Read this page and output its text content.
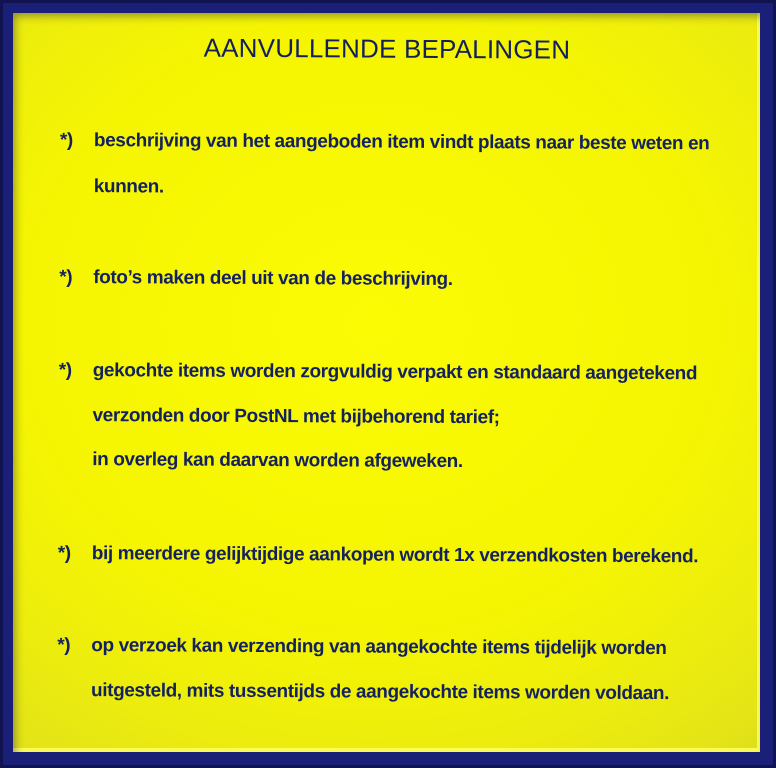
AANVULLENDE BEPALINGEN
*) beschrijving van het aangeboden item vindt plaats naar beste weten en
kunnen.
*) foto’s maken deel uit van de beschrijving.
*) gekochte items worden zorgvuldig verpakt en standaard aangetekend
verzonden door PostNL met bijbehorend tarief;
in overleg kan daarvan worden afgeweken.
*) bij meerdere gelijktijdige aankopen wordt 1x verzendkosten berekend.
*) op verzoek kan verzending van aangekochte items tijdelijk worden
uitgesteld, mits tussentijds de aangekochte items worden voldaan.
